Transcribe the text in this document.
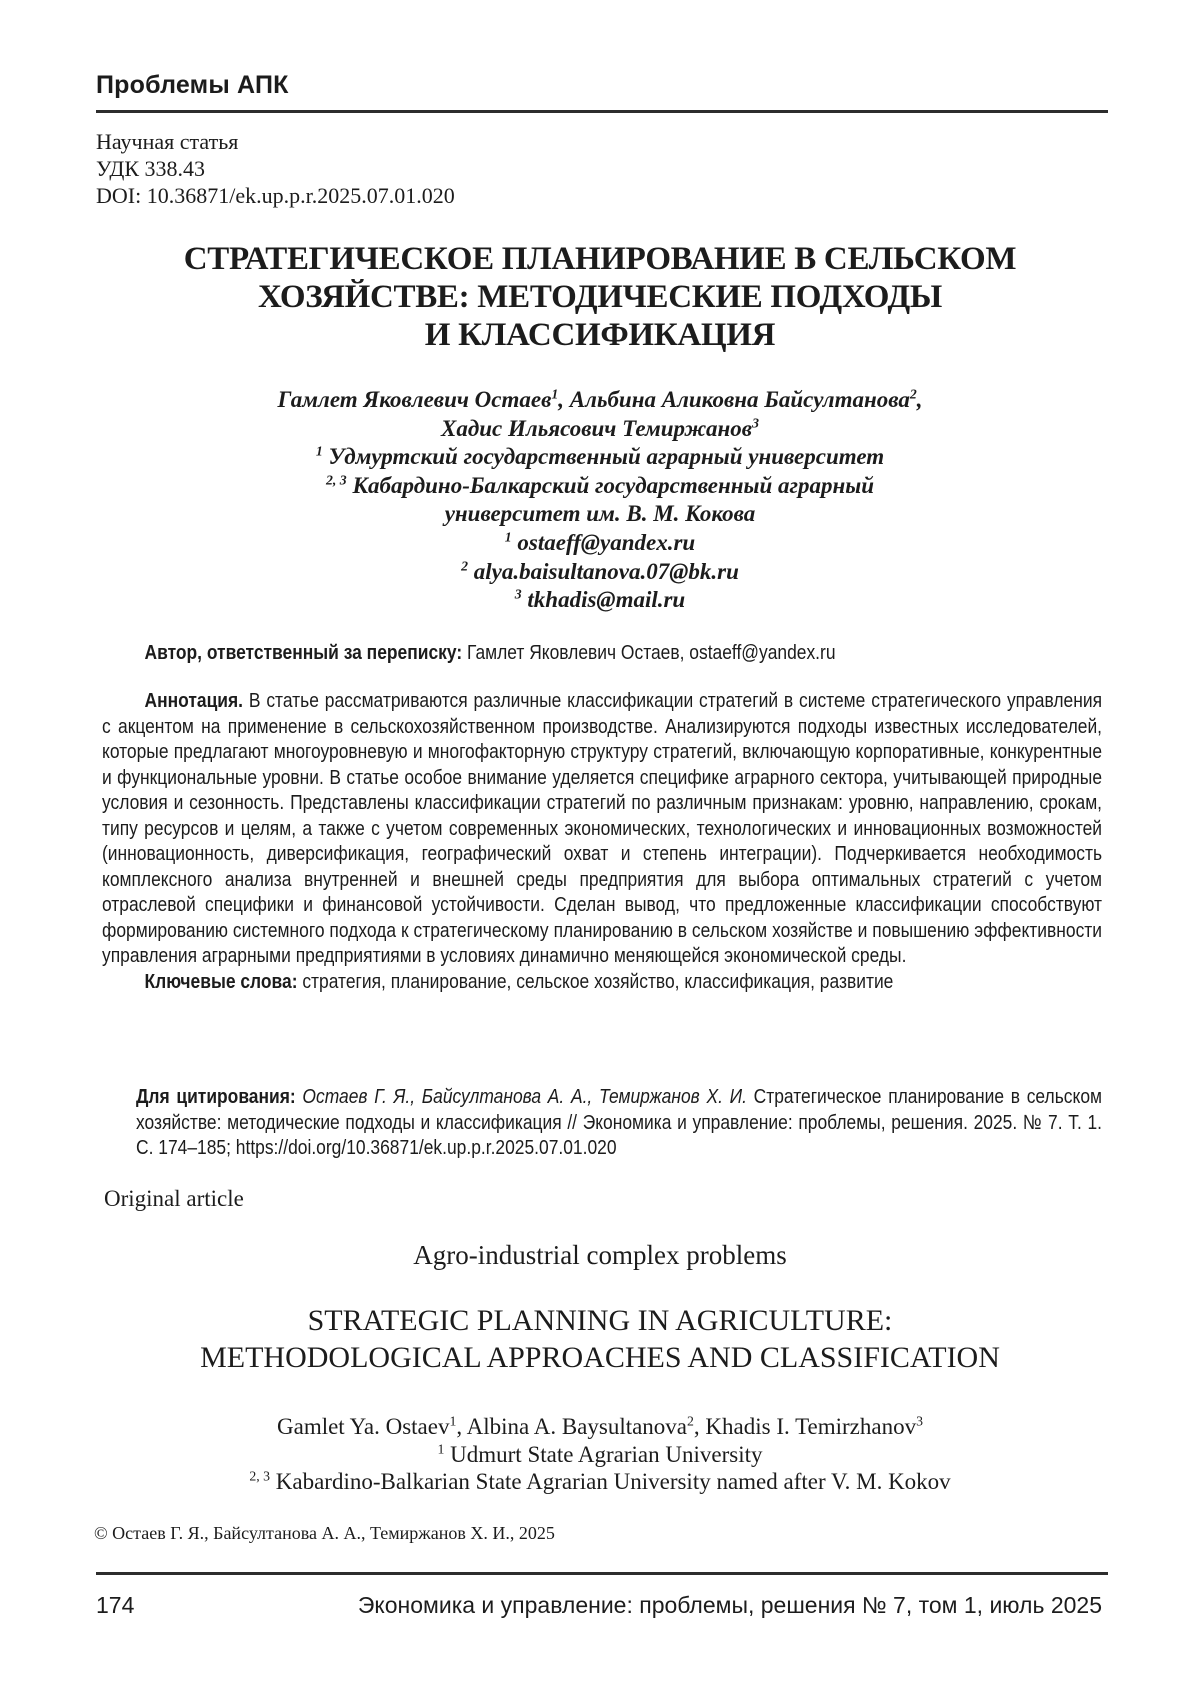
Проблемы АПК
Научная статья
УДК 338.43
DOI: 10.36871/ek.up.p.r.2025.07.01.020
СТРАТЕГИЧЕСКОЕ ПЛАНИРОВАНИЕ В СЕЛЬСКОМ
ХОЗЯЙСТВЕ: МЕТОДИЧЕСКИЕ ПОДХОДЫ
И КЛАССИФИКАЦИЯ
Гамлет Яковлевич Остаев$^1$, Альбина Аликовна Байсултанова$^2$,
Хадис Ильясович Темиржанов$^3$
$^1$ Удмуртский государственный аграрный университет
$^{2, 3}$ Кабардино-Балкарский государственный аграрный
университет им. В. М. Кокова
$^1$ ostaeff@yandex.ru
$^2$ alya.baisultanova.07@bk.ru
$^3$ tkhadis@mail.ru

Автор, ответственный за переписку: Гамлет Яковлевич Остаев, ostaeff@yandex.ru

Аннотация. В статье рассматриваются различные классификации стратегий в системе стратегического управления с акцентом на применение в сельскохозяйственном производстве. Анализируются подходы известных исследователей, которые предлагают многоуровневую и многофакторную структуру стратегий, включающую корпоративные, конкурентные и функциональные уровни. В статье особое внимание уделяется специфике аграрного сектора, учитывающей природные условия и сезонность. Представлены классификации стратегий по различным признакам: уровню, направлению, срокам, типу ресурсов и целям, а также с учетом современных экономических, технологических и инновационных возможностей (инновационность, диверсификация, географический охват и степень интеграции). Подчеркивается необходимость комплексного анализа внутренней и внешней среды предприятия для выбора оптимальных стратегий с учетом отраслевой специфики и финансовой устойчивости. Сделан вывод, что предложенные классификации способствуют формированию системного подхода к стратегическому планированию в сельском хозяйстве и повышению эффективности управления аграрными предприятиями в условиях динамично меняющейся экономической среды.

Ключевые слова: стратегия, планирование, сельское хозяйство, классификация, развитие

Для цитирования: Остаев Г. Я., Байсултанова А. А., Темиржанов Х. И. Стратегическое планирование в сельском хозяйстве: методические подходы и классификация // Экономика и управление: проблемы, решения. 2025. № 7. Т. 1. С. 174–185; https://doi.org/10.36871/ek.up.p.r.2025.07.01.020

Original article
Agro-industrial complex problems
STRATEGIC PLANNING IN AGRICULTURE:
METHODOLOGICAL APPROACHES AND CLASSIFICATION
Gamlet Ya. Ostaev$^1$, Albina A. Baysultanova$^2$, Khadis I. Temirzhanov$^3$
$^1$ Udmurt State Agrarian University
$^{2, 3}$ Kabardino-Balkarian State Agrarian University named after V. M. Kokov
© Остаев Г. Я., Байсултанова А. А., Темиржанов Х. И., 2025
174	Экономика и управление: проблемы, решения № 7, том 1, июль 2025
